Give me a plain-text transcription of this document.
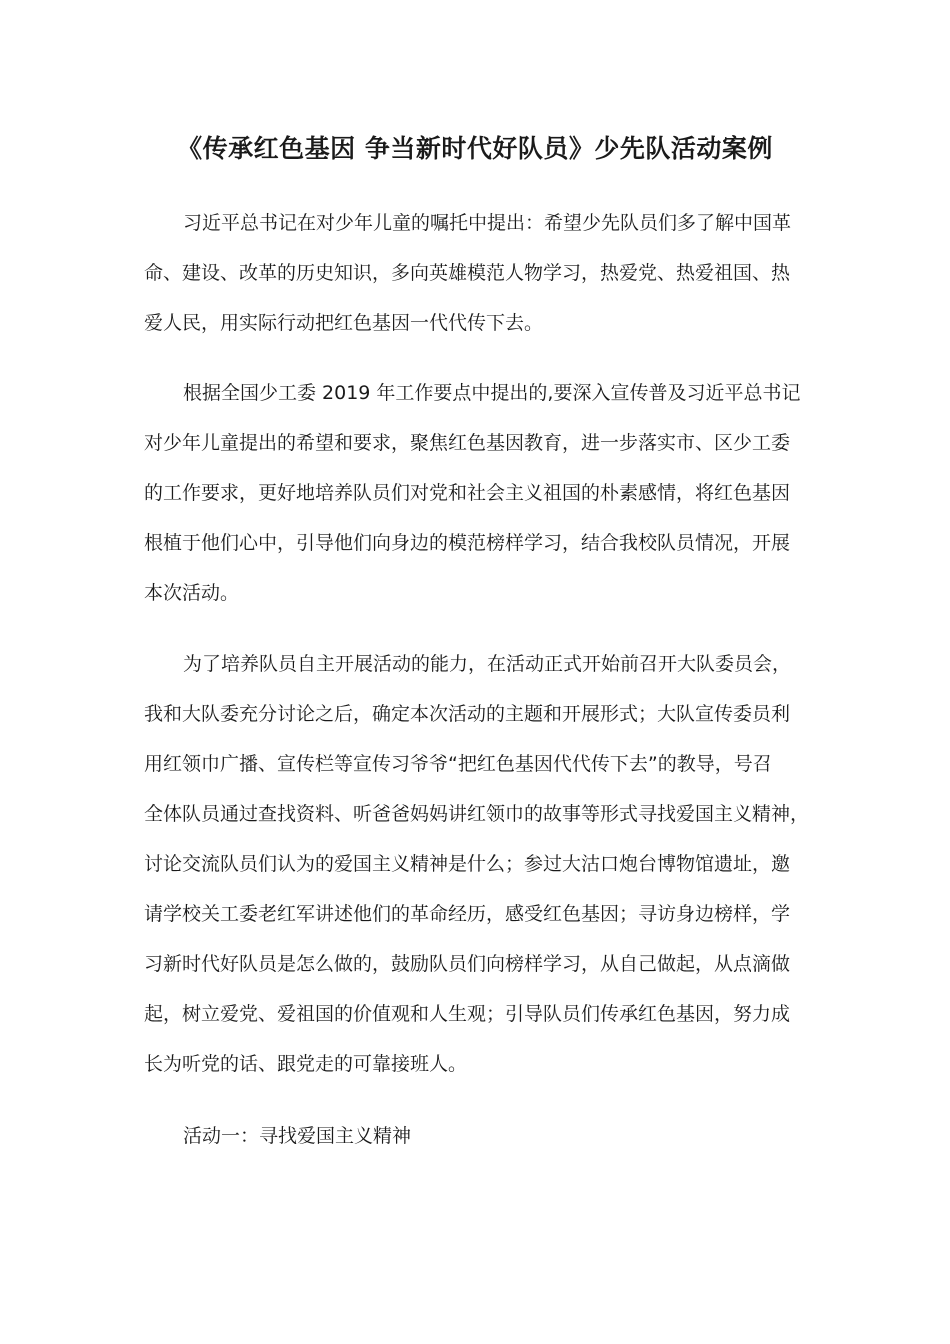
《传承红色基因 争当新时代好队员》少先队活动案例
习近平总书记在对少年儿童的嘱托中提出：希望少先队员们多了解中国革
命、建设、改革的历史知识，多向英雄模范人物学习，热爱党、热爱祖国、热
爱人民，用实际行动把红色基因一代代传下去。
根据全国少工委 2019 年工作要点中提出的,要深入宣传普及习近平总书记
对少年儿童提出的希望和要求，聚焦红色基因教育，进一步落实市、区少工委
的工作要求，更好地培养队员们对党和社会主义祖国的朴素感情，将红色基因
根植于他们心中，引导他们向身边的模范榜样学习，结合我校队员情况，开展
本次活动。
为了培养队员自主开展活动的能力，在活动正式开始前召开大队委员会，
我和大队委充分讨论之后，确定本次活动的主题和开展形式；大队宣传委员利
用红领巾广播、宣传栏等宣传习爷爷“把红色基因代代传下去”的教导，号召
全体队员通过查找资料、听爸爸妈妈讲红领巾的故事等形式寻找爱国主义精神，
讨论交流队员们认为的爱国主义精神是什么；参过大沽口炮台博物馆遗址，邀
请学校关工委老红军讲述他们的革命经历，感受红色基因；寻访身边榜样，学
习新时代好队员是怎么做的，鼓励队员们向榜样学习，从自己做起，从点滴做
起，树立爱党、爱祖国的价值观和人生观；引导队员们传承红色基因，努力成
长为听党的话、跟党走的可靠接班人。
活动一：寻找爱国主义精神
